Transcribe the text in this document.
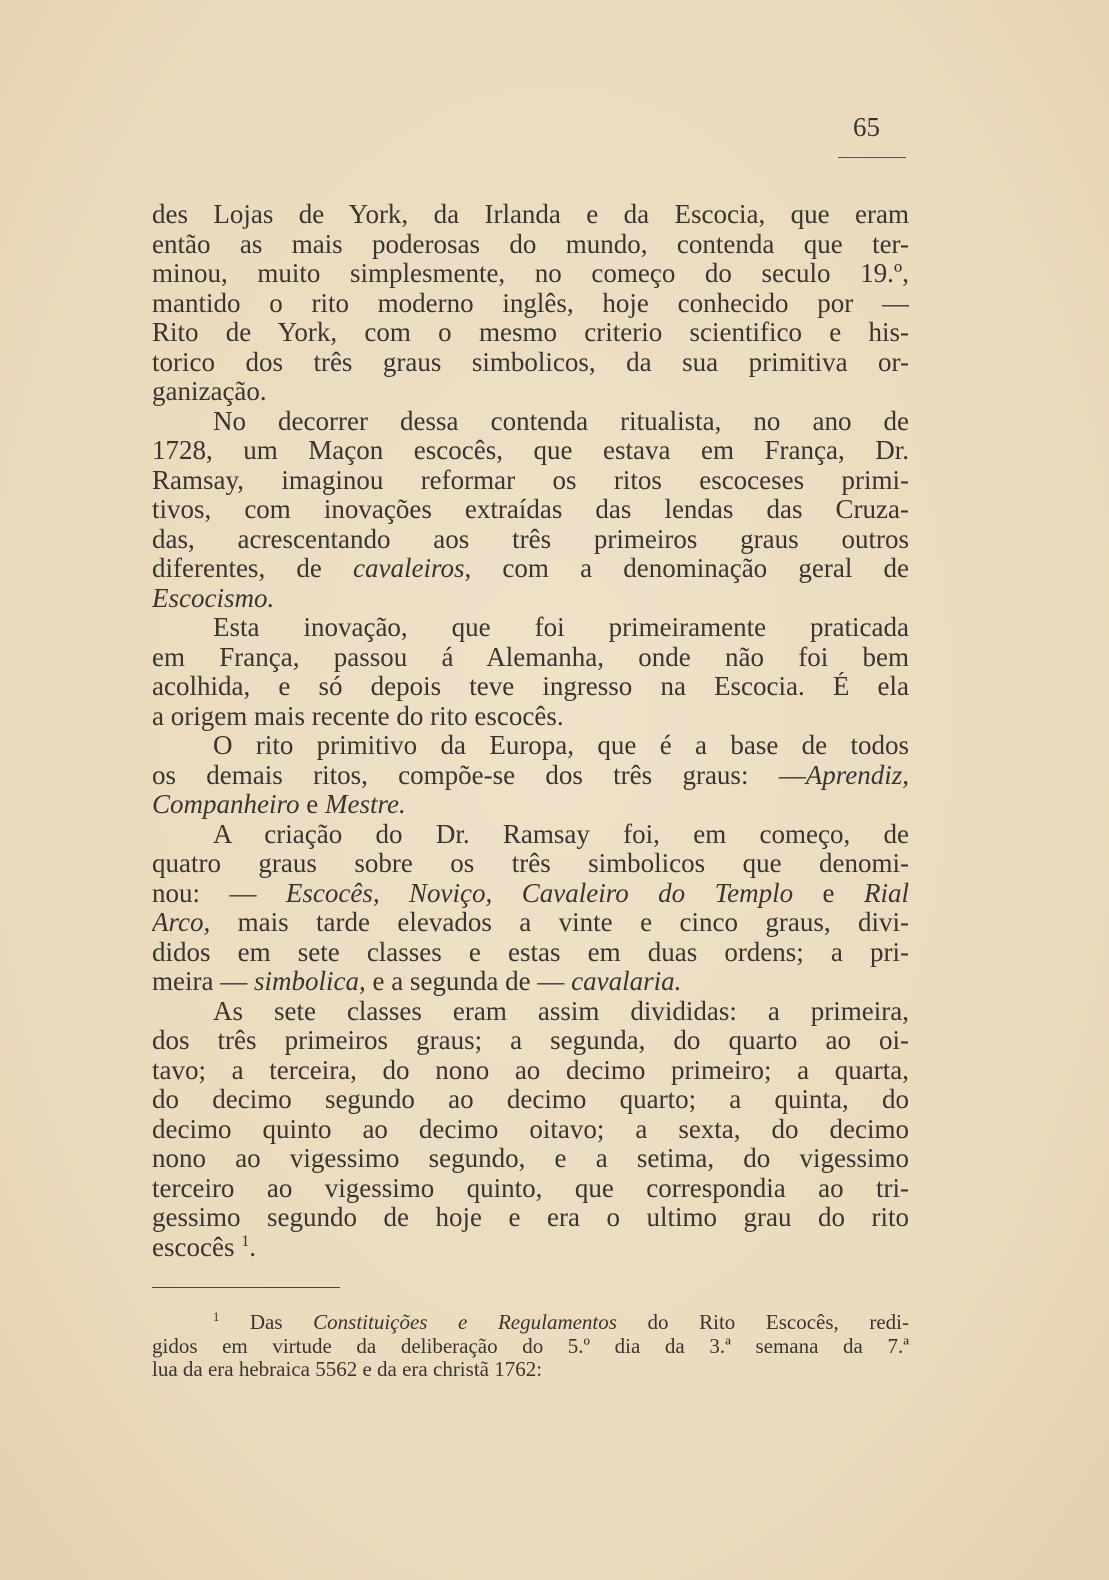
65
des Lojas de York, da Irlanda e da Escocia, que eram
então as mais poderosas do mundo, contenda que ter-
minou, muito simplesmente, no começo do seculo 19.º,
mantido o rito moderno inglês, hoje conhecido por —
Rito de York, com o mesmo criterio scientifico e his-
torico dos três graus simbolicos, da sua primitiva or-
ganização.
No decorrer dessa contenda ritualista, no ano de
1728, um Maçon escocês, que estava em França, Dr.
Ramsay, imaginou reformar os ritos escoceses primi-
tivos, com inovações extraídas das lendas das Cruza-
das, acrescentando aos três primeiros graus outros
diferentes, de cavaleiros, com a denominação geral de
Escocismo.
Esta inovação, que foi primeiramente praticada
em França, passou á Alemanha, onde não foi bem
acolhida, e só depois teve ingresso na Escocia. É ela
a origem mais recente do rito escocês.
O rito primitivo da Europa, que é a base de todos
os demais ritos, compõe-se dos três graus: —Aprendiz,
Companheiro e Mestre.
A criação do Dr. Ramsay foi, em começo, de
quatro graus sobre os três simbolicos que denomi-
nou: — Escocês, Noviço, Cavaleiro do Templo e Rial
Arco, mais tarde elevados a vinte e cinco graus, divi-
didos em sete classes e estas em duas ordens; a pri-
meira — simbolica, e a segunda de — cavalaria.
As sete classes eram assim divididas: a primeira,
dos três primeiros graus; a segunda, do quarto ao oi-
tavo; a terceira, do nono ao decimo primeiro; a quarta,
do decimo segundo ao decimo quarto; a quinta, do
decimo quinto ao decimo oitavo; a sexta, do decimo
nono ao vigessimo segundo, e a setima, do vigessimo
terceiro ao vigessimo quinto, que correspondia ao tri-
gessimo segundo de hoje e era o ultimo grau do rito
escocês $^1$.
$^1$ Das Constituições e Regulamentos do Rito Escocês, redi-
gidos em virtude da deliberação do 5.º dia da 3.ª semana da 7.ª
lua da era hebraica 5562 e da era christã 1762:
